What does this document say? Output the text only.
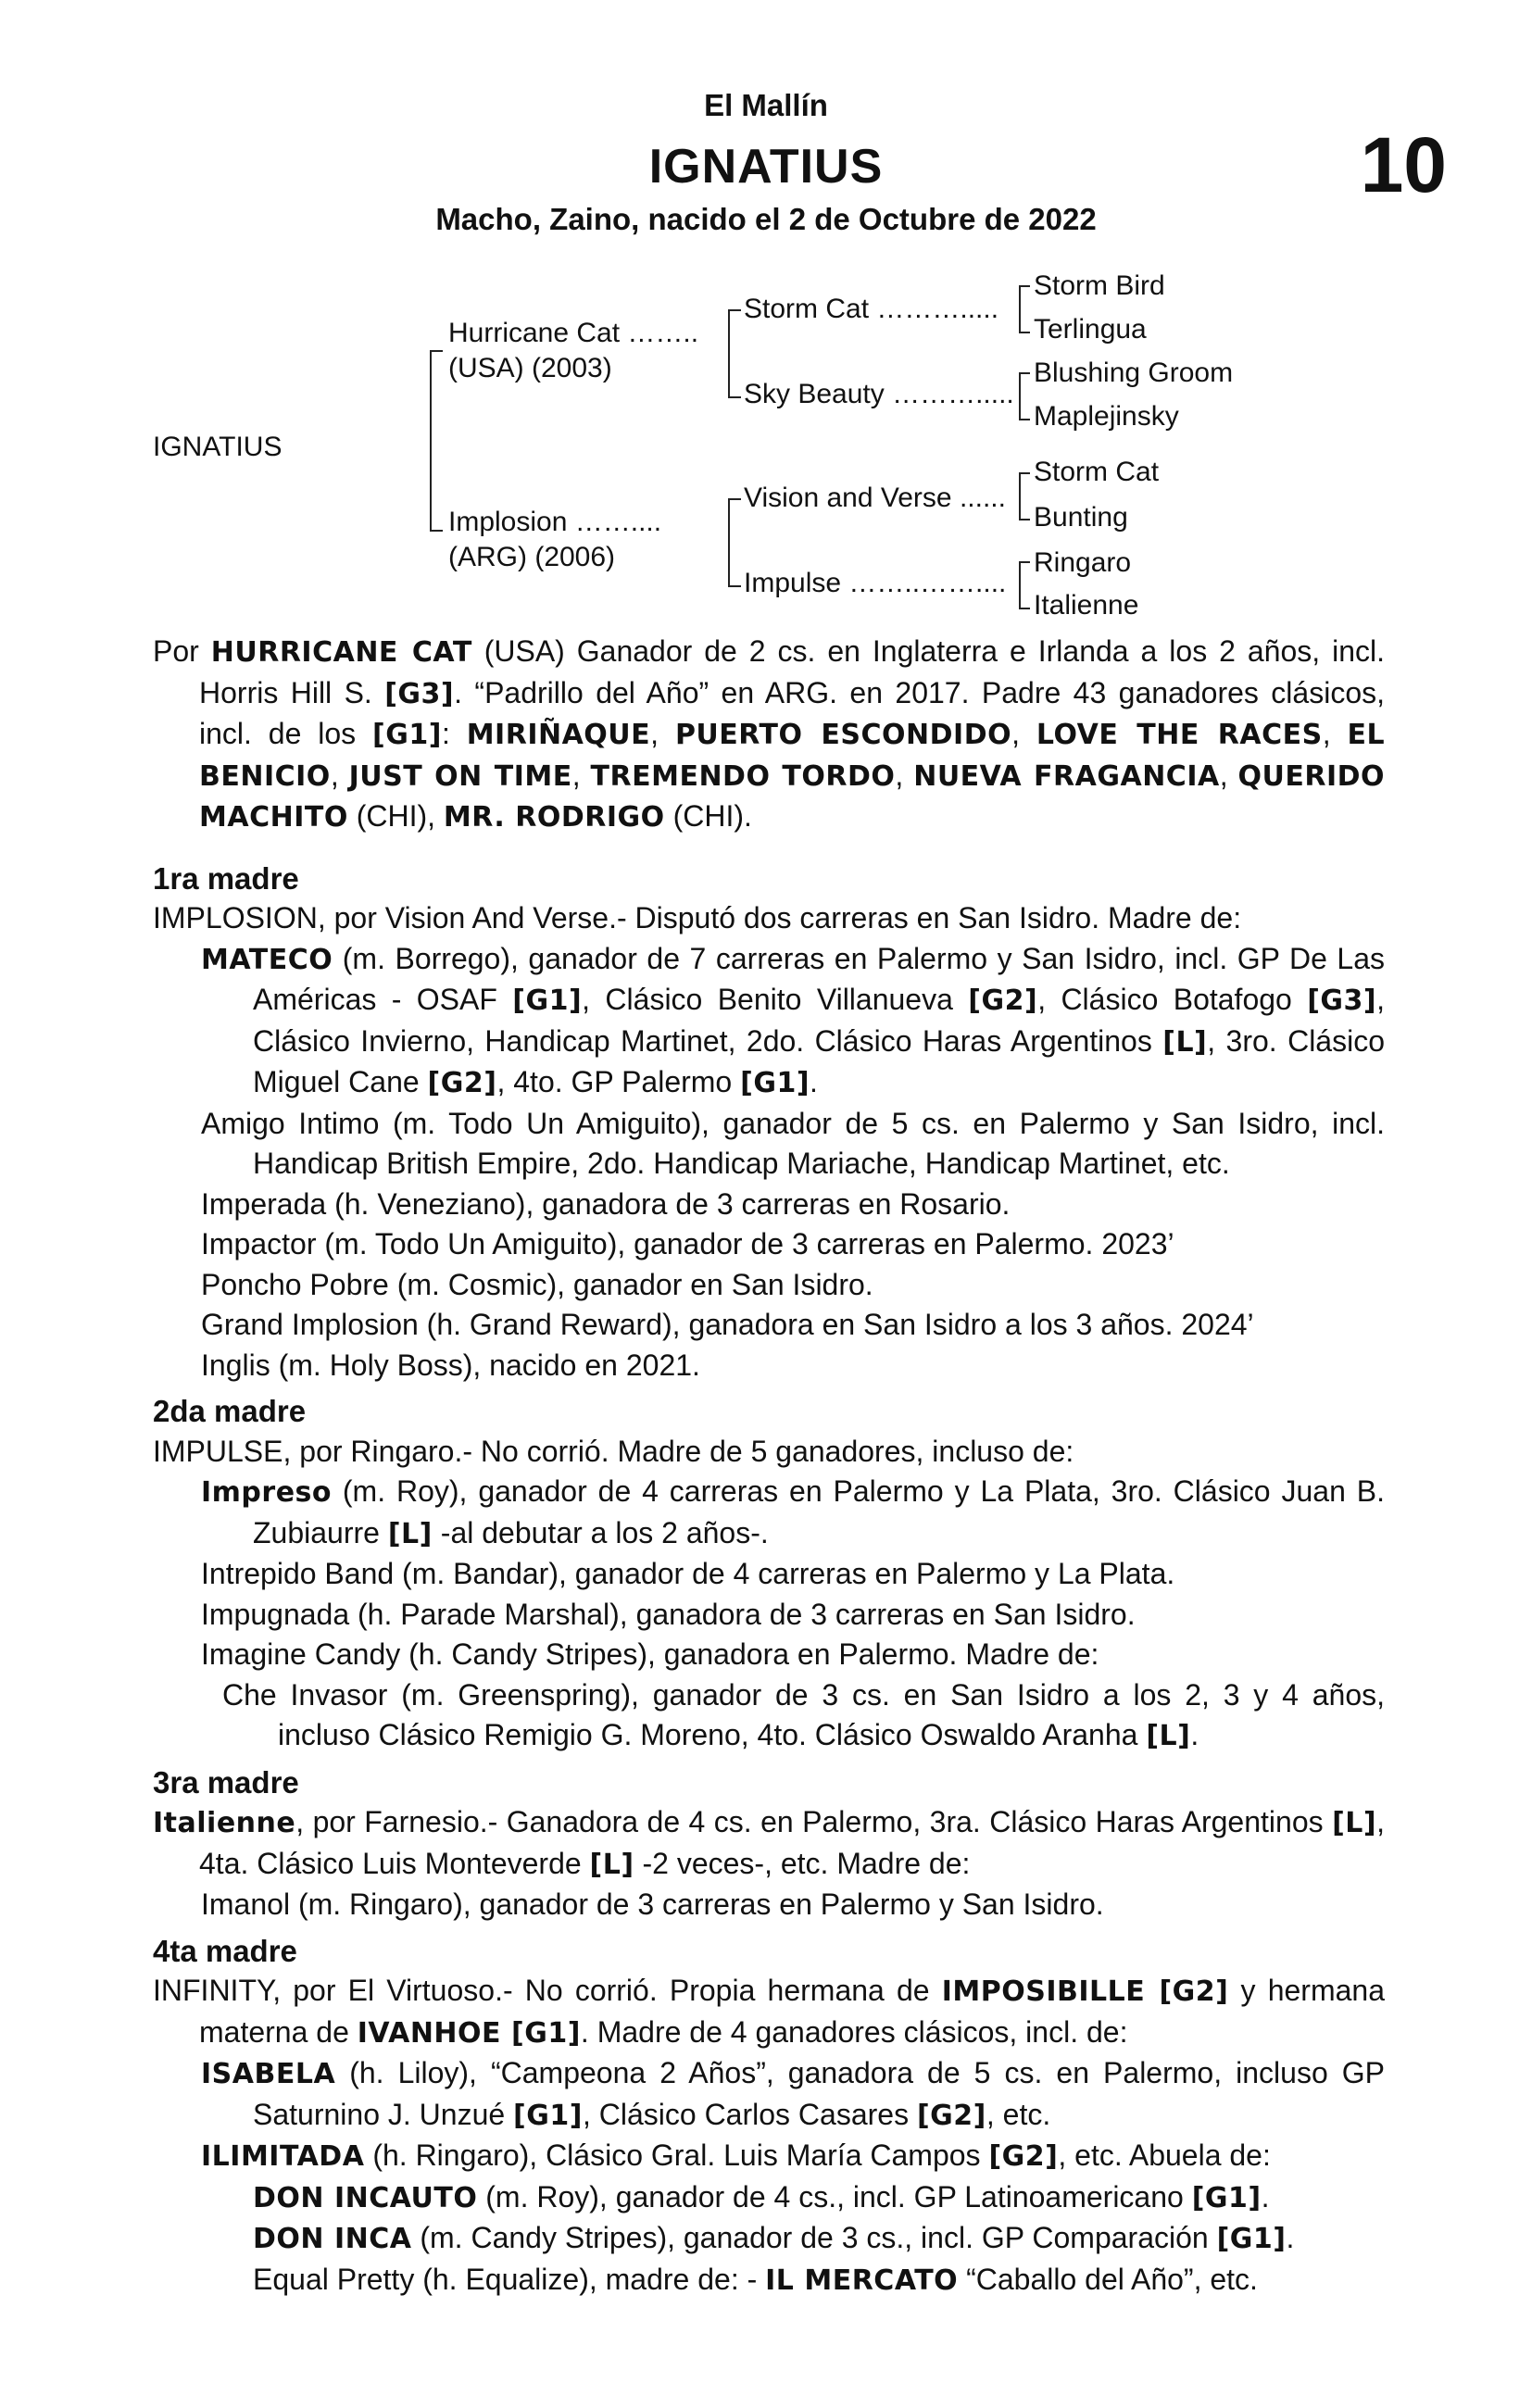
El Mallín
IGNATIUS	10
Macho, Zaino, nacido el 2 de Octubre de 2022
IGNATIUS
Hurricane Cat ……..
(USA) (2003)
Implosion ……....
(ARG) (2006)
Storm Cat ……….....
Sky Beauty ……….....
Vision and Verse ......
Impulse ……..……....
Storm Bird
Terlingua
Blushing Groom
Maplejinsky
Storm Cat
Bunting
Ringaro
Italienne
Por HURRICANE CAT (USA) Ganador de 2 cs. en Inglaterra e Irlanda a los 2 años, incl. Horris Hill S. [G3]. “Padrillo del Año” en ARG. en 2017. Padre 43 ganadores clásicos, incl. de los [G1]: MIRIÑAQUE, PUERTO ESCONDIDO, LOVE THE RACES, EL BENICIO, JUST ON TIME, TREMENDO TORDO, NUEVA FRAGANCIA, QUERIDO MACHITO (CHI), MR. RODRIGO (CHI).
1ra madre
IMPLOSION, por Vision And Verse.- Disputó dos carreras en San Isidro. Madre de:
MATECO (m. Borrego), ganador de 7 carreras en Palermo y San Isidro, incl. GP De Las Américas - OSAF [G1], Clásico Benito Villanueva [G2], Clásico Botafogo [G3], Clásico Invierno, Handicap Martinet, 2do. Clásico Haras Argentinos [L], 3ro. Clásico Miguel Cane [G2], 4to. GP Palermo [G1].
Amigo Intimo (m. Todo Un Amiguito), ganador de 5 cs. en Palermo y San Isidro, incl. Handicap British Empire, 2do. Handicap Mariache, Handicap Martinet, etc.
Imperada (h. Veneziano), ganadora de 3 carreras en Rosario.
Impactor (m. Todo Un Amiguito), ganador de 3 carreras en Palermo. 2023’
Poncho Pobre (m. Cosmic), ganador en San Isidro.
Grand Implosion (h. Grand Reward), ganadora en San Isidro a los 3 años. 2024’
Inglis (m. Holy Boss), nacido en 2021.
2da madre
IMPULSE, por Ringaro.- No corrió. Madre de 5 ganadores, incluso de:
Impreso (m. Roy), ganador de 4 carreras en Palermo y La Plata, 3ro. Clásico Juan B. Zubiaurre [L] -al debutar a los 2 años-.
Intrepido Band (m. Bandar), ganador de 4 carreras en Palermo y La Plata.
Impugnada (h. Parade Marshal), ganadora de 3 carreras en San Isidro.
Imagine Candy (h. Candy Stripes), ganadora en Palermo. Madre de:
Che Invasor (m. Greenspring), ganador de 3 cs. en San Isidro a los 2, 3 y 4 años, incluso Clásico Remigio G. Moreno, 4to. Clásico Oswaldo Aranha [L].
3ra madre
Italienne, por Farnesio.- Ganadora de 4 cs. en Palermo, 3ra. Clásico Haras Argentinos [L], 4ta. Clásico Luis Monteverde [L] -2 veces-, etc. Madre de:
Imanol (m. Ringaro), ganador de 3 carreras en Palermo y San Isidro.
4ta madre
INFINITY, por El Virtuoso.- No corrió. Propia hermana de IMPOSIBILLE [G2] y hermana materna de IVANHOE [G1]. Madre de 4 ganadores clásicos, incl. de:
ISABELA (h. Liloy), “Campeona 2 Años”, ganadora de 5 cs. en Palermo, incluso GP Saturnino J. Unzué [G1], Clásico Carlos Casares [G2], etc.
ILIMITADA (h. Ringaro), Clásico Gral. Luis María Campos [G2], etc. Abuela de:
DON INCAUTO (m. Roy), ganador de 4 cs., incl. GP Latinoamericano [G1].
DON INCA (m. Candy Stripes), ganador de 3 cs., incl. GP Comparación [G1].
Equal Pretty (h. Equalize), madre de: - IL MERCATO “Caballo del Año”, etc.
